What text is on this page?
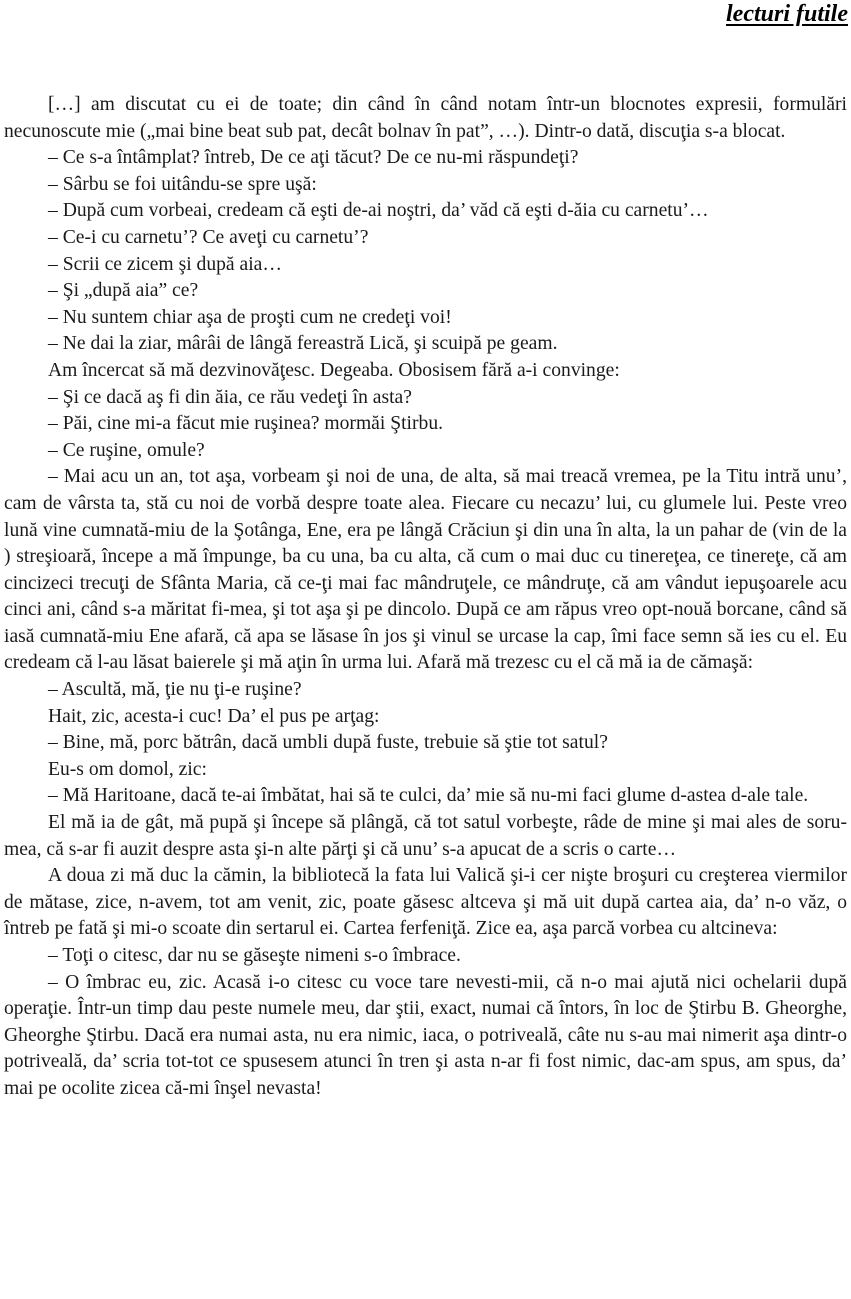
lecturi futile

[…] am discutat cu ei de toate; din când în când notam într-un blocnotes expresii, formulări necunoscute mie („mai bine beat sub pat, decât bolnav în pat”, …). Dintr-o dată, discuţia s-a blocat.

– Ce s-a întâmplat? întreb, De ce aţi tăcut? De ce nu-mi răspundeţi?

– Sârbu se foi uitându-se spre uşă:

– După cum vorbeai, credeam că eşti de-ai noştri, da’ văd că eşti d-ăia cu carnetu’…

– Ce-i cu carnetu’? Ce aveţi cu carnetu’?

– Scrii ce zicem şi după aia…

– Şi „după aia” ce?

– Nu suntem chiar aşa de proşti cum ne credeţi voi!

– Ne dai la ziar, mârâi de lângă fereastră Lică, şi scuipă pe geam.

Am încercat să mă dezvinovăţesc. Degeaba. Obosisem fără a-i convinge:

– Şi ce dacă aş fi din ăia, ce rău vedeţi în asta?

– Păi, cine mi-a făcut mie ruşinea? mormăi Ştirbu.

– Ce ruşine, omule?

– Mai acu un an, tot aşa, vorbeam şi noi de una, de alta, să mai treacă vremea, pe la Titu intră unu’, cam de vârsta ta, stă cu noi de vorbă despre toate alea. Fiecare cu necazu’ lui, cu glumele lui. Peste vreo lună vine cumnată-miu de la Şotânga, Ene, era pe lângă Crăciun şi din una în alta, la un pahar de (vin de la ) streşioară, începe a mă împunge, ba cu una, ba cu alta, că cum o mai duc cu tinereţea, ce tinereţe, că am cincizeci trecuţi de Sfânta Maria, că ce-ţi mai fac mândruţele, ce mândruţe, că am vândut iepuşoarele acu cinci ani, când s-a măritat fi-mea, şi tot aşa şi pe dincolo. După ce am răpus vreo opt-nouă borcane, când să iasă cumnată-miu Ene afară, că apa se lăsase în jos şi vinul se urcase la cap, îmi face semn să ies cu el. Eu credeam că l-au lăsat baierele şi mă aţin în urma lui. Afară mă trezesc cu el că mă ia de cămaşă:

– Ascultă, mă, ţie nu ţi-e ruşine?

Hait, zic, acesta-i cuc! Da’ el pus pe arţag:

– Bine, mă, porc bătrân, dacă umbli după fuste, trebuie să ştie tot satul?

Eu-s om domol, zic:

– Mă Haritoane, dacă te-ai îmbătat, hai să te culci, da’ mie să nu-mi faci glume d-astea d-ale tale.

El mă ia de gât, mă pupă şi începe să plângă, că tot satul vorbeşte, râde de mine şi mai ales de soru-mea, că s-ar fi auzit despre asta şi-n alte părţi şi că unu’ s-a apucat de a scris o carte…

A doua zi mă duc la cămin, la bibliotecă la fata lui Valică şi-i cer nişte broşuri cu creşterea viermilor de mătase, zice, n-avem, tot am venit, zic, poate găsesc altceva şi mă uit după cartea aia, da’ n-o văz, o întreb pe fată şi mi-o scoate din sertarul ei. Cartea ferfeniţă. Zice ea, aşa parcă vorbea cu altcineva:

– Toţi o citesc, dar nu se găseşte nimeni s-o îmbrace.

– O îmbrac eu, zic. Acasă i-o citesc cu voce tare nevesti-mii, că n-o mai ajută nici ochelarii după operaţie. Într-un timp dau peste numele meu, dar ştii, exact, numai că întors, în loc de Ştirbu B. Gheorghe, Gheorghe Ştirbu. Dacă era numai asta, nu era nimic, iaca, o potriveală, câte nu s-au mai nimerit aşa dintr-o potriveală, da’ scria tot-tot ce spusesem atunci în tren şi asta n-ar fi fost nimic, dac-am spus, am spus, da’ mai pe ocolite zicea că-mi înşel nevasta!
